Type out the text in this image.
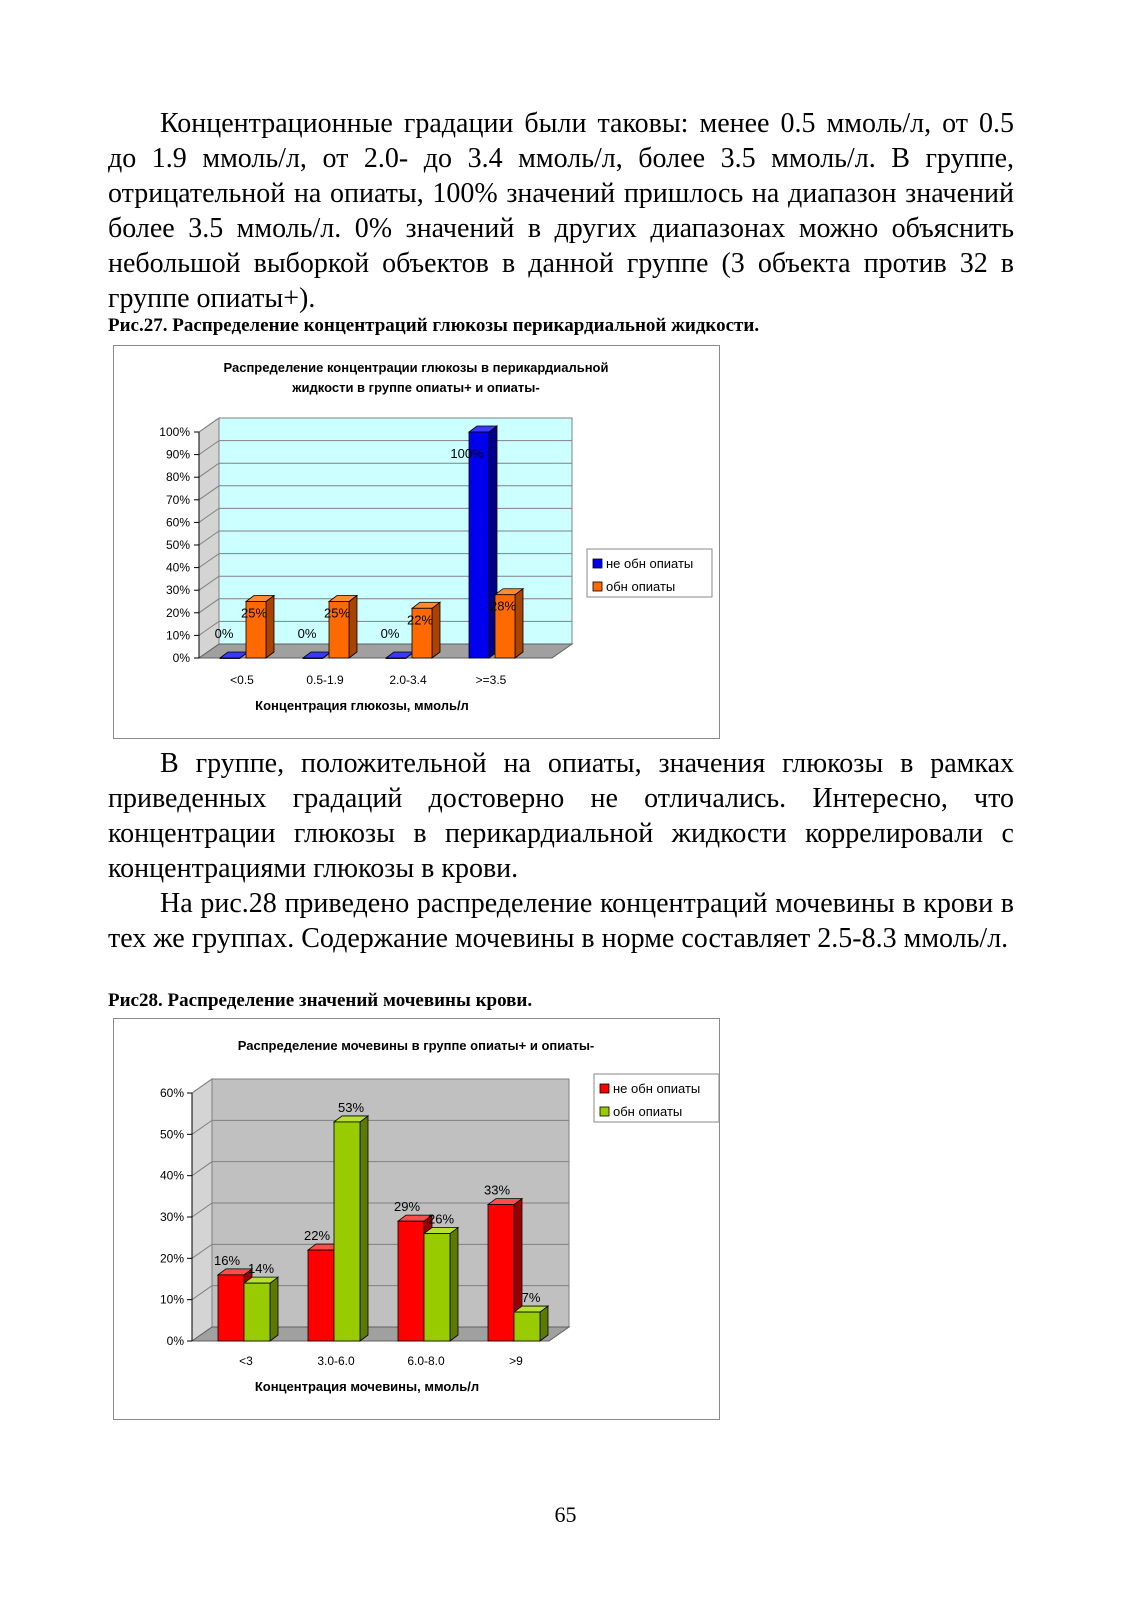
Концентрационные градации были таковы: менее 0.5 ммоль/л, от 0.5 до 1.9 ммоль/л, от 2.0- до 3.4 ммоль/л, более 3.5 ммоль/л. В группе, отрицательной на опиаты, 100% значений пришлось на диапазон значений более 3.5 ммоль/л. 0% значений в других диапазонах можно объяснить небольшой выборкой объектов в данной группе (3 объекта против 32 в группе опиаты+).

Рис.27. Распределение концентраций глюкозы перикардиальной жидкости.

Распределение концентрации глюкозы в перикардиальной
жидкости в группе опиаты+ и опиаты-
0%
10%
20%
30%
40%
50%
60%
70%
80%
90%
100%
0%
25%
<0.5
0%
25%
0.5-1.9
0%
22%
2.0-3.4
100%
28%
>=3.5
Концентрация глюкозы, ммоль/л
не обн опиаты
обн опиаты

В группе, положительной на опиаты, значения глюкозы в рамках приведенных градаций достоверно не отличались. Интересно, что концентрации глюкозы в перикардиальной жидкости коррелировали с концентрациями глюкозы в крови.

На рис.28 приведено распределение концентраций мочевины в крови в тех же группах. Содержание мочевины в норме составляет 2.5-8.3 ммоль/л.

Рис28. Распределение значений мочевины крови.

Распределение мочевины в группе опиаты+ и опиаты-
0%
10%
20%
30%
40%
50%
60%
16%
14%
<3
22%
53%
3.0-6.0
29%
26%
6.0-8.0
33%
7%
>9
Концентрация мочевины, ммоль/л
не обн опиаты
обн опиаты
65
